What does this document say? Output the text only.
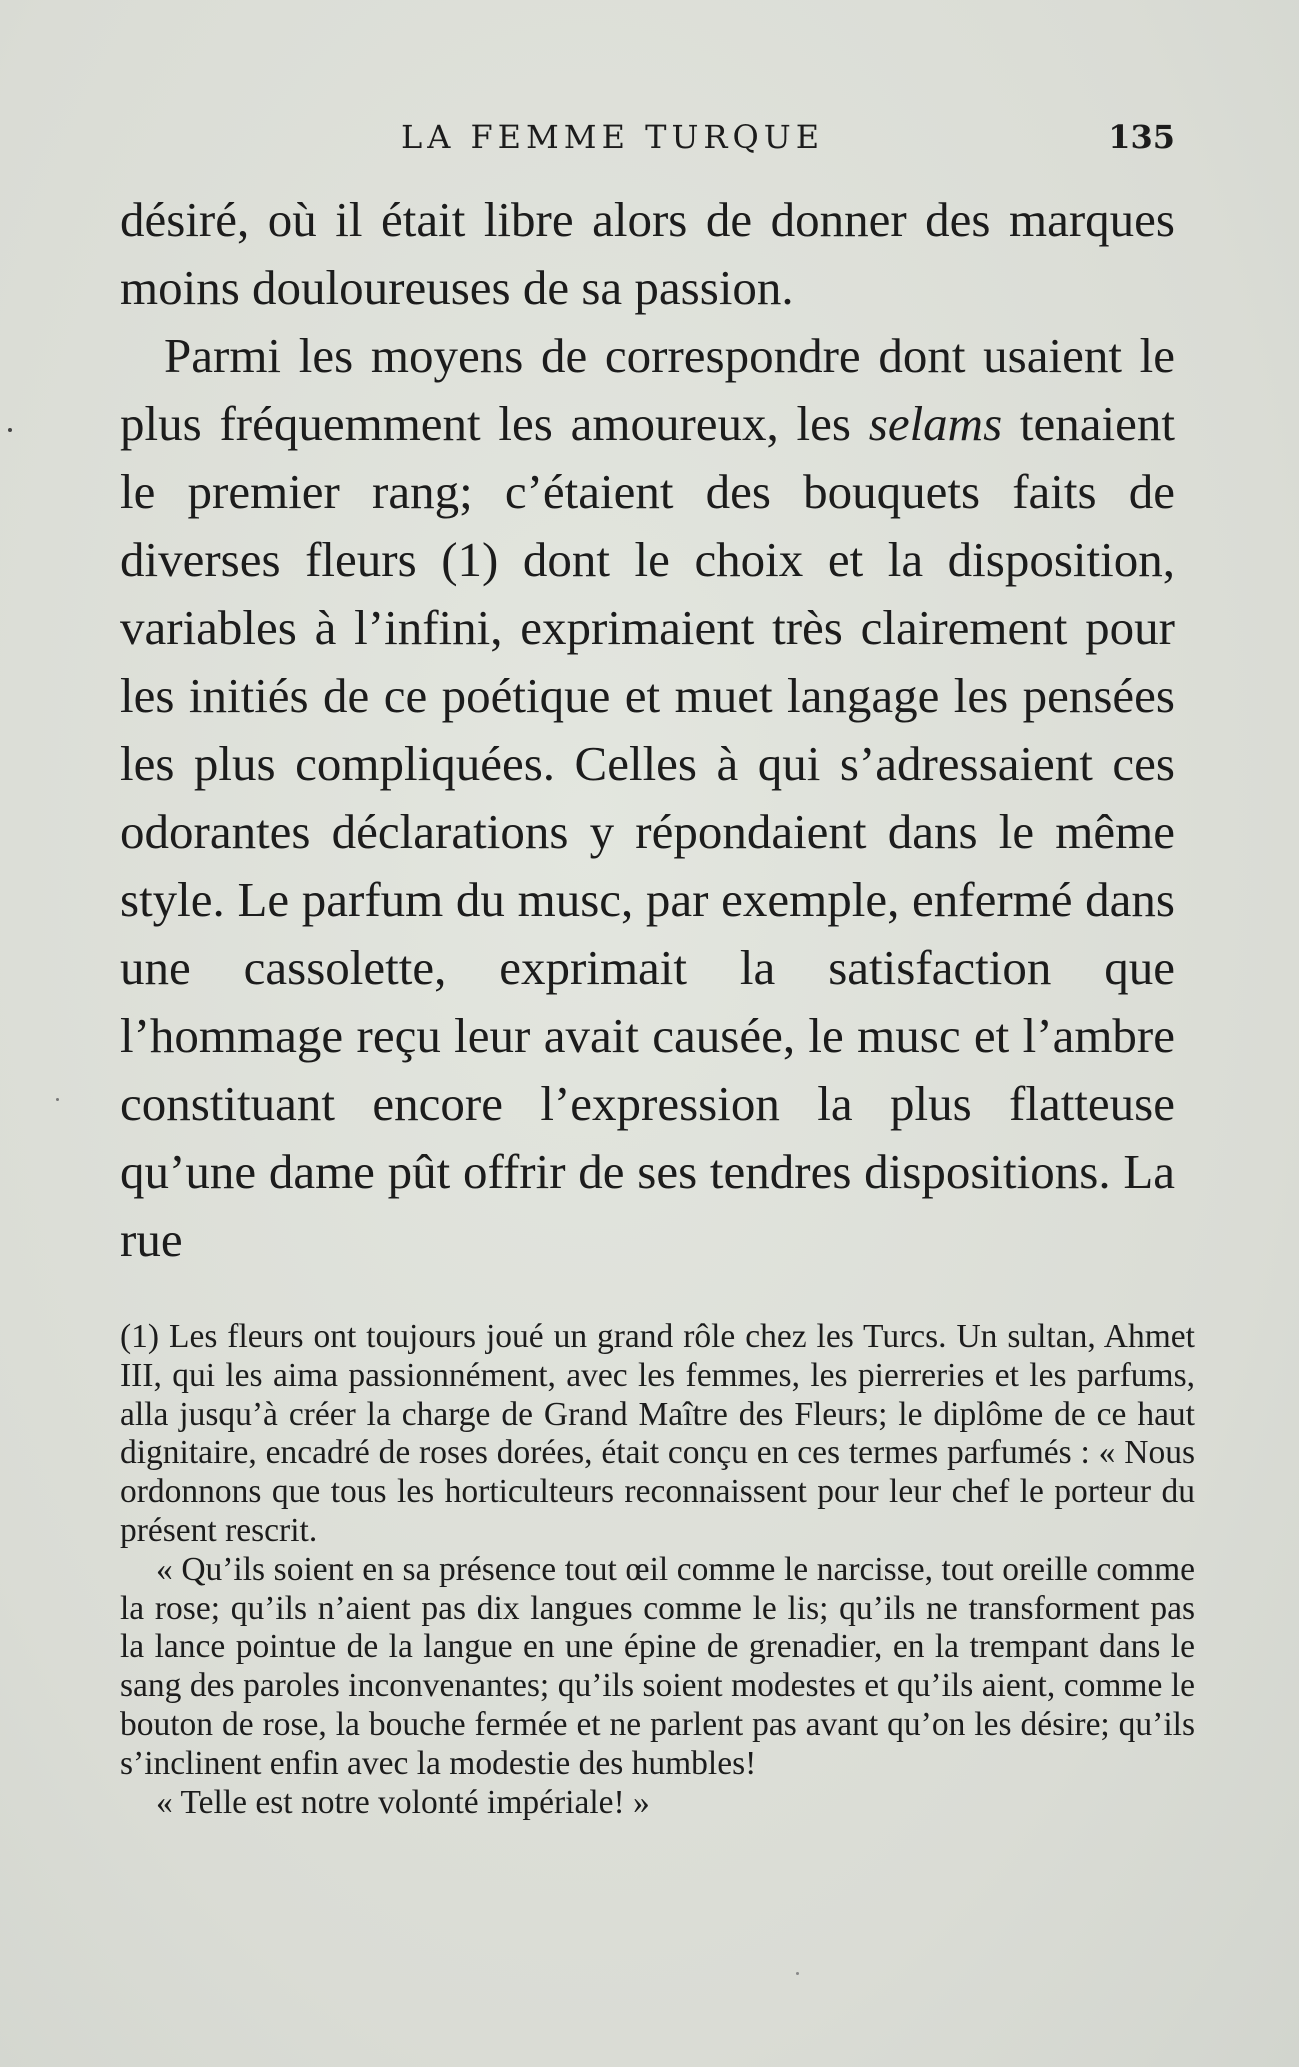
LA FEMME TURQUE	135

désiré, où il était libre alors de donner des marques moins douloureuses de sa passion.

Parmi les moyens de correspondre dont usaient le plus fréquemment les amoureux, les selams tenaient le premier rang; c’étaient des bouquets faits de diverses fleurs (1) dont le choix et la disposition, variables à l’infini, exprimaient très clairement pour les initiés de ce poétique et muet langage les pensées les plus compliquées. Celles à qui s’adressaient ces odorantes déclarations y répondaient dans le même style. Le parfum du musc, par exemple, enfermé dans une cassolette, exprimait la satisfaction que l’hommage reçu leur avait causée, le musc et l’ambre constituant encore l’expression la plus flatteuse qu’une dame pût offrir de ses tendres dispositions. La rue

(1) Les fleurs ont toujours joué un grand rôle chez les Turcs. Un sultan, Ahmet III, qui les aima passionnément, avec les femmes, les pierreries et les parfums, alla jusqu’à créer la charge de Grand Maître des Fleurs; le diplôme de ce haut dignitaire, encadré de roses dorées, était conçu en ces termes parfumés : « Nous ordonnons que tous les horticulteurs reconnaissent pour leur chef le porteur du présent rescrit.

« Qu’ils soient en sa présence tout œil comme le narcisse, tout oreille comme la rose; qu’ils n’aient pas dix langues comme le lis; qu’ils ne transforment pas la lance pointue de la langue en une épine de grenadier, en la trempant dans le sang des paroles inconvenantes; qu’ils soient modestes et qu’ils aient, comme le bouton de rose, la bouche fermée et ne parlent pas avant qu’on les désire; qu’ils s’inclinent enfin avec la modestie des humbles!

« Telle est notre volonté impériale! »
